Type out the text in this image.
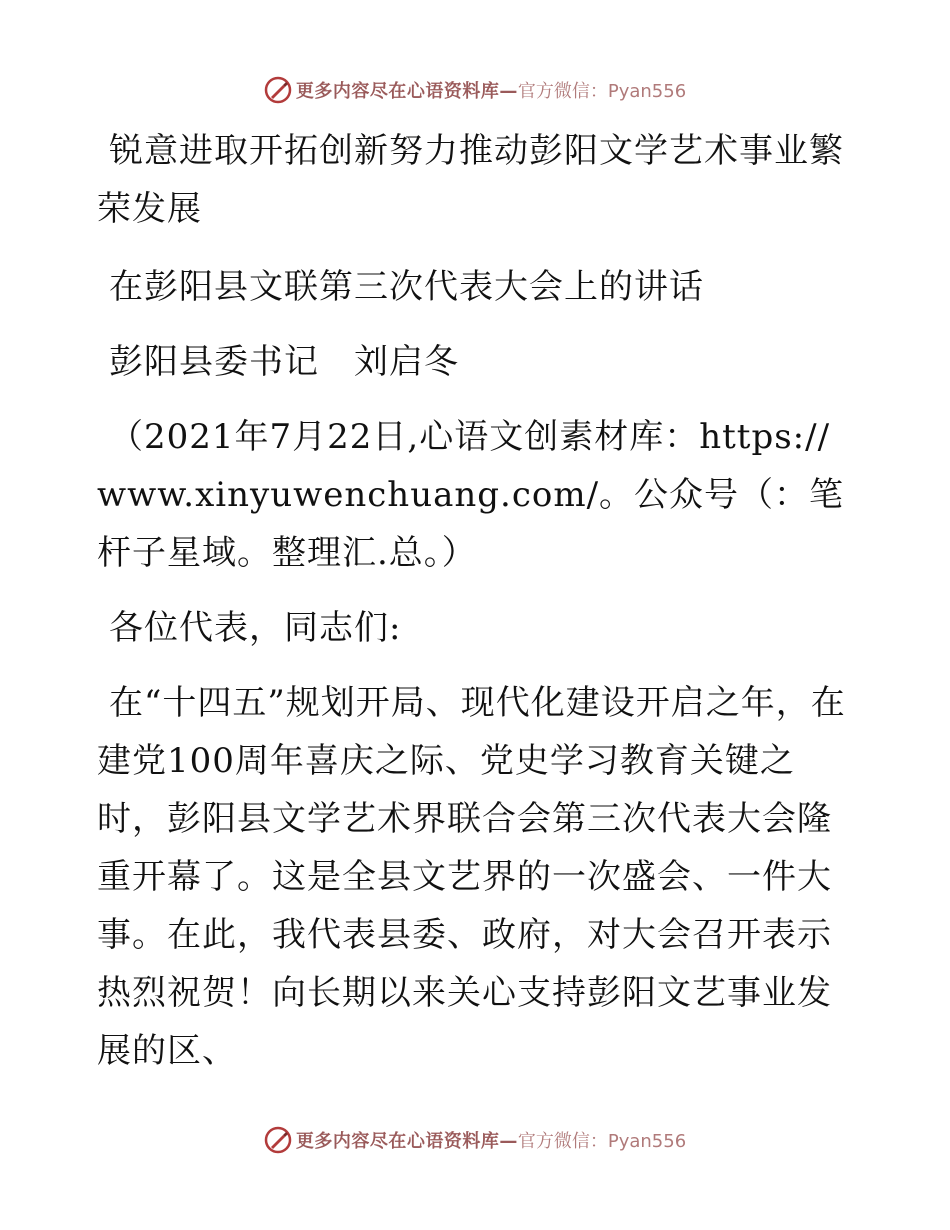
更多内容尽在心语资料库— 官方微信：Pyan556

锐意进取开拓创新努力推动彭阳文学艺术事业繁荣发展

在彭阳县文联第三次代表大会上的讲话

彭阳县委书记　刘启冬

（2021年7月22日,心语文创素材库：https://www.xinyuwenchuang.com/。公众号（：笔杆子星域。整理汇.总。）

各位代表，同志们:

在“十四五”规划开局、现代化建设开启之年，在建党100周年喜庆之际、党史学习教育关键之时，彭阳县文学艺术界联合会第三次代表大会隆重开幕了。这是全县文艺界的一次盛会、一件大事。在此，我代表县委、政府，对大会召开表示热烈祝贺！向长期以来关心支持彭阳文艺事业发展的区、

更多内容尽在心语资料库— 官方微信：Pyan556
